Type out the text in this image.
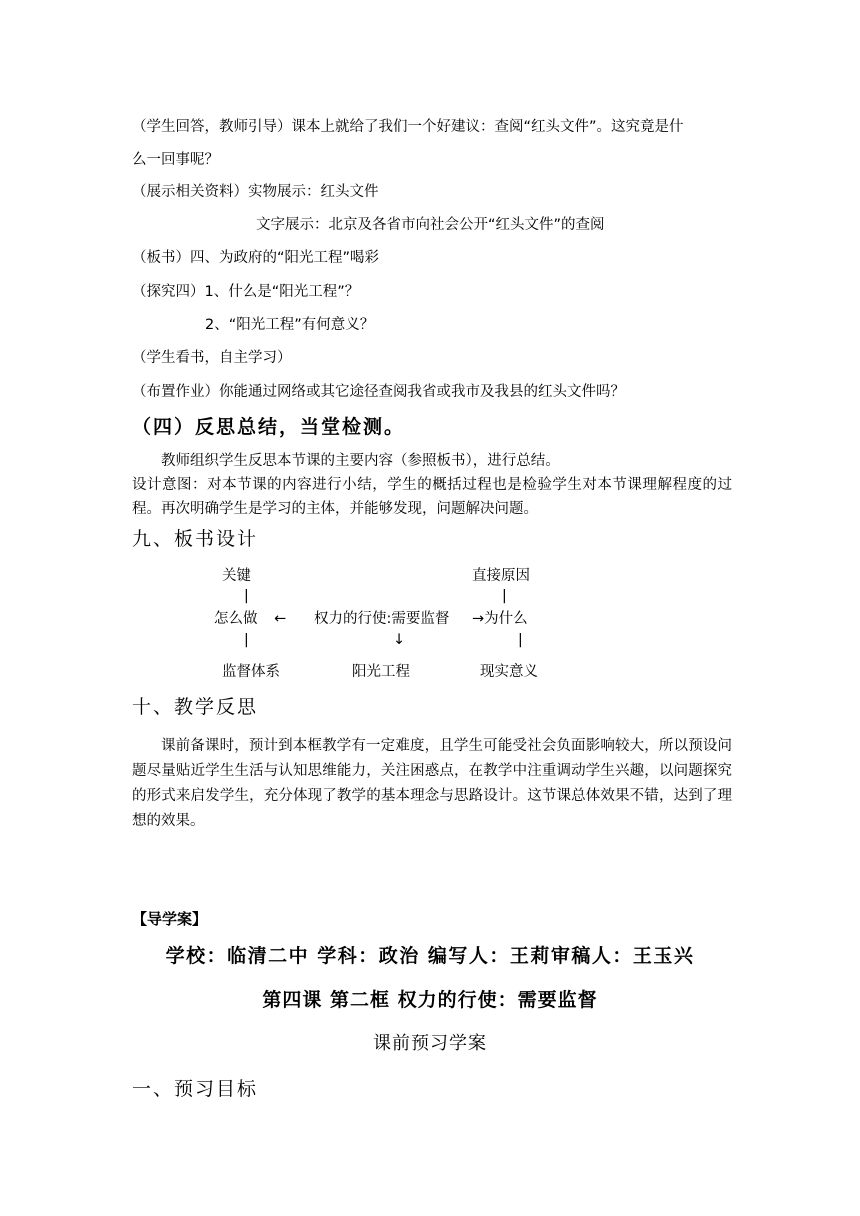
（学生回答，教师引导）课本上就给了我们一个好建议：查阅“红头文件”。这究竟是什
么一回事呢？
（展示相关资料）实物展示：红头文件
文字展示：北京及各省市向社会公开“红头文件”的查阅
（板书）四、为政府的“阳光工程”喝彩
（探究四）1、什么是“阳光工程”？
2、“阳光工程”有何意义？
（学生看书，自主学习）
（布置作业）你能通过网络或其它途径查阅我省或我市及我县的红头文件吗？
（四）反思总结，当堂检测。
教师组织学生反思本节课的主要内容（参照板书），进行总结。
设计意图：对本节课的内容进行小结，学生的概括过程也是检验学生对本节课理解程度的过程。再次明确学生是学习的主体，并能够发现，问题解决问题。
九、板书设计
关键	直接原因
|	|
怎么做 ← 权力的行使:需要监督 →为什么
|	↓	|
监督体系	阳光工程	现实意义
十、教学反思
课前备课时，预计到本框教学有一定难度，且学生可能受社会负面影响较大，所以预设问题尽量贴近学生生活与认知思维能力，关注困惑点，在教学中注重调动学生兴趣，以问题探究的形式来启发学生，充分体现了教学的基本理念与思路设计。这节课总体效果不错，达到了理想的效果。
【导学案】
学校：临清二中 学科：政治 编写人：王莉审稿人：王玉兴
第四课 第二框 权力的行使：需要监督
课前预习学案
一、预习目标
